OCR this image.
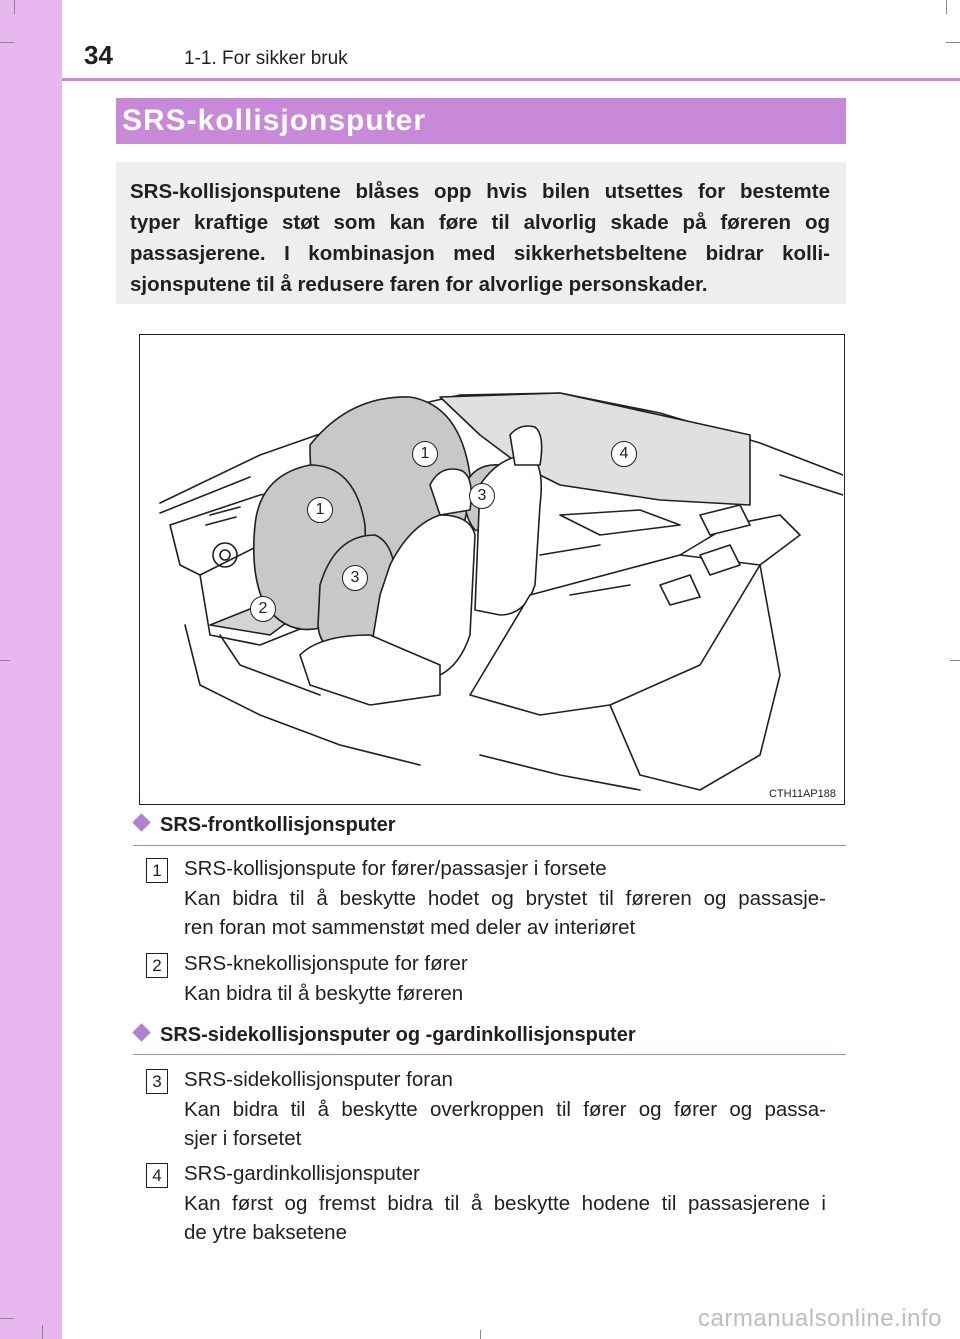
34	1-1. For sikker bruk
SRS-kollisjonsputer
SRS-kollisjonsputene blåses opp hvis bilen utsettes for bestemte
typer kraftige støt som kan føre til alvorlig skade på føreren og
passasjerene. I kombinasjon med sikkerhetsbeltene bidrar kolli-
sjonsputene til å redusere faren for alvorlige personskader.
1
1
2
3
3
4
CTH11AP188
SRS-frontkollisjonsputer
1	SRS-kollisjonspute for fører/passasjer i forsete
Kan bidra til å beskytte hodet og brystet til føreren og passasje-
ren foran mot sammenstøt med deler av interiøret
2	SRS-knekollisjonspute for fører
Kan bidra til å beskytte føreren
SRS-sidekollisjonsputer og -gardinkollisjonsputer
3	SRS-sidekollisjonsputer foran
Kan bidra til å beskytte overkroppen til fører og fører og passa-
sjer i forsetet
4	SRS-gardinkollisjonsputer
Kan først og fremst bidra til å beskytte hodene til passasjerene i
de ytre baksetene
carmanualsonline.info
